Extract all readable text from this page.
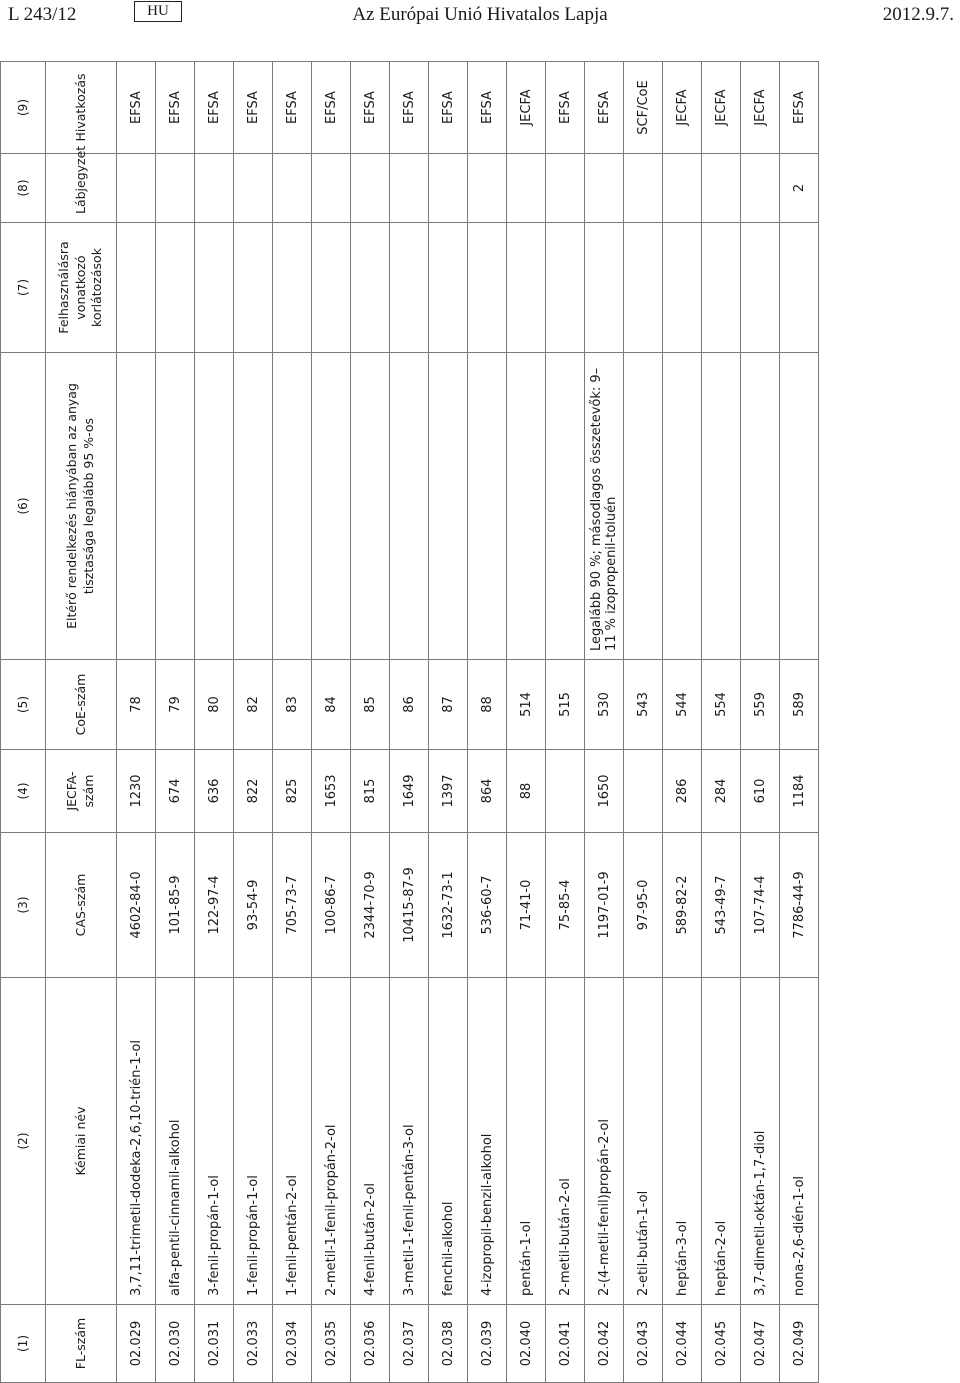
L 243/12	HU	Az Európai Unió Hivatalos Lapja	2012.9.7.
(1)	(2)	(3)	(4)	(5)	(6)	(7)	(8)	(9)
FL-szám	Kémiai név	CAS-szám	JECFA-szám	CoE-szám	Eltérő rendelkezés hiányában az anyag tisztasága legalább 95 %-os	Felhasználásra vonatkozó korlátozások	Lábjegyzet	Hivatkozás
02.029	3,7,11-trimetil-dodeka-2,6,10-trién-1-ol	4602-84-0	1230	78				EFSA
02.030	alfa-pentil-cinnamil-alkohol	101-85-9	674	79				EFSA
02.031	3-fenil-propán-1-ol	122-97-4	636	80				EFSA
02.033	1-fenil-propán-1-ol	93-54-9	822	82				EFSA
02.034	1-fenil-pentán-2-ol	705-73-7	825	83				EFSA
02.035	2-metil-1-fenil-propán-2-ol	100-86-7	1653	84				EFSA
02.036	4-fenil-bután-2-ol	2344-70-9	815	85				EFSA
02.037	3-metil-1-fenil-pentán-3-ol	10415-87-9	1649	86				EFSA
02.038	fenchil-alkohol	1632-73-1	1397	87				EFSA
02.039	4-izopropil-benzil-alkohol	536-60-7	864	88				EFSA
02.040	pentán-1-ol	71-41-0	88	514				JECFA
02.041	2-metil-bután-2-ol	75-85-4		515				EFSA
02.042	2-(4-metil-fenil)propán-2-ol	1197-01-9	1650	530	Legalább 90 %; másodlagos összetevők: 9–11 % izopropenil-toluén			EFSA
02.043	2-etil-bután-1-ol	97-95-0		543				SCF/CoE
02.044	heptán-3-ol	589-82-2	286	544				JECFA
02.045	heptán-2-ol	543-49-7	284	554				JECFA
02.047	3,7-dimetil-oktán-1,7-diol	107-74-4	610	559				JECFA
02.049	nona-2,6-dién-1-ol	7786-44-9	1184	589			2	EFSA
